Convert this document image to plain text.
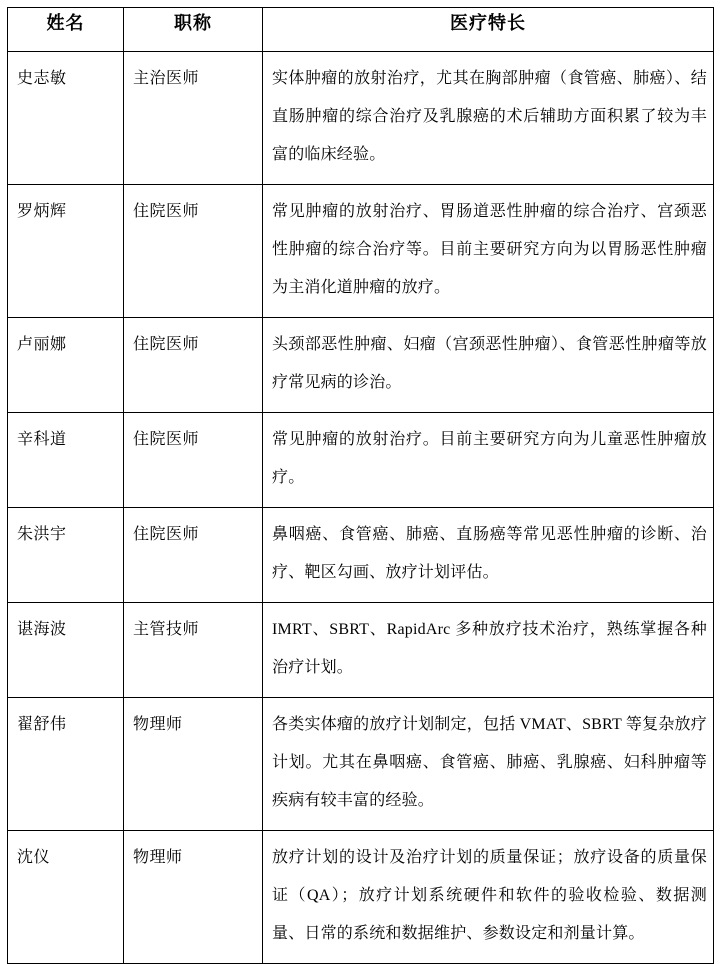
姓名	职称	医疗特长
史志敏	主治医师	实体肿瘤的放射治疗，尤其在胸部肿瘤（食管癌、肺癌）、结直肠肿瘤的综合治疗及乳腺癌的术后辅助方面积累了较为丰富的临床经验。
罗炳辉	住院医师	常见肿瘤的放射治疗、胃肠道恶性肿瘤的综合治疗、宫颈恶性肿瘤的综合治疗等。目前主要研究方向为以胃肠恶性肿瘤为主消化道肿瘤的放疗。
卢丽娜	住院医师	头颈部恶性肿瘤、妇瘤（宫颈恶性肿瘤）、食管恶性肿瘤等放疗常见病的诊治。
辛科道	住院医师	常见肿瘤的放射治疗。目前主要研究方向为儿童恶性肿瘤放疗。
朱洪宇	住院医师	鼻咽癌、食管癌、肺癌、直肠癌等常见恶性肿瘤的诊断、治疗、靶区勾画、放疗计划评估。
谌海波	主管技师	IMRT、SBRT、RapidArc 多种放疗技术治疗，熟练掌握各种治疗计划。
翟舒伟	物理师	各类实体瘤的放疗计划制定，包括 VMAT、SBRT 等复杂放疗计划。尤其在鼻咽癌、食管癌、肺癌、乳腺癌、妇科肿瘤等疾病有较丰富的经验。
沈仪	物理师	放疗计划的设计及治疗计划的质量保证；放疗设备的质量保证（QA）；放疗计划系统硬件和软件的验收检验、数据测量、日常的系统和数据维护、参数设定和剂量计算。
